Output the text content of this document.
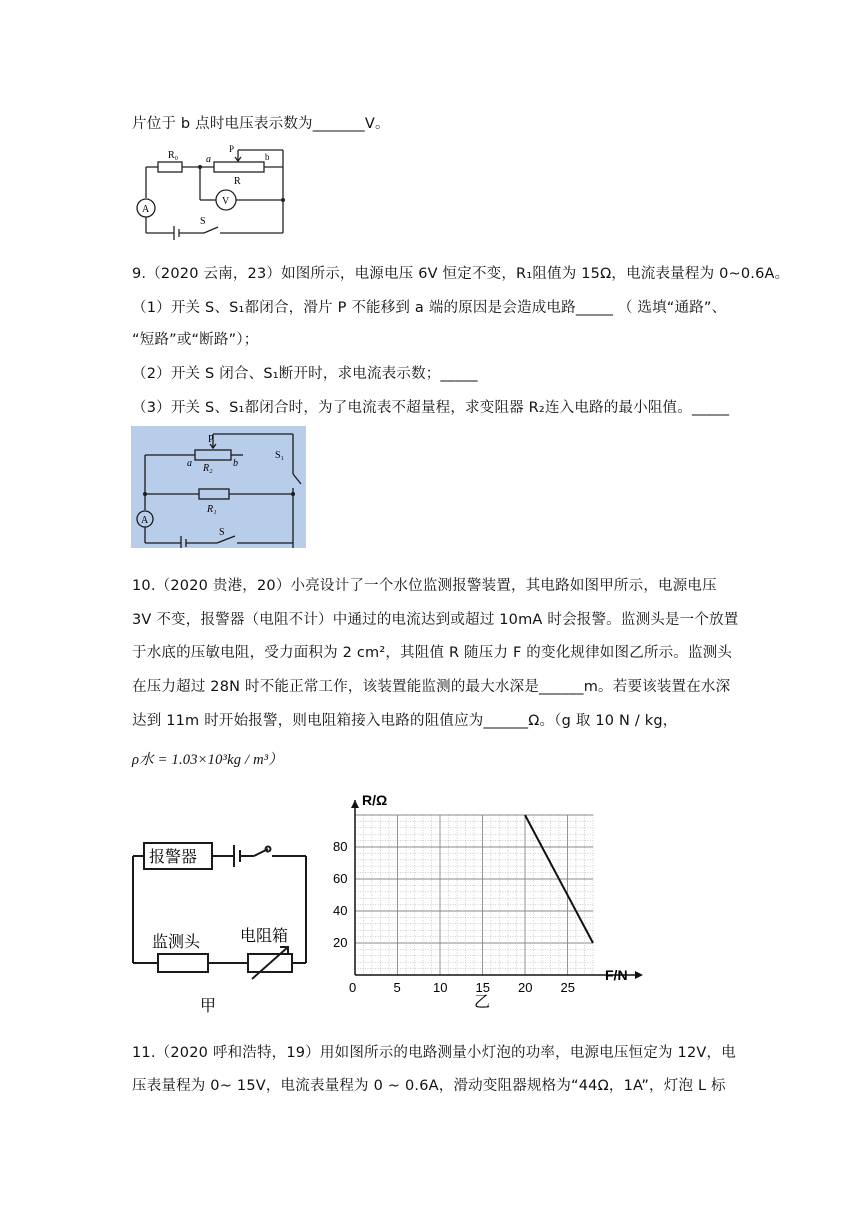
片位于 b 点时电压表示数为_______V。
R₀	a
P
b
R
V
A
S
9.（2020 云南，23）如图所示，电源电压 6V 恒定不变，R₁阻值为 15Ω，电流表量程为 0~0.6A。
（1）开关 S、S₁都闭合，滑片 P 不能移到 a 端的原因是会造成电路_____ （ 选填“通路”、
“短路”或“断路”）；
（2）开关 S 闭合、S₁断开时，求电流表示数；_____
（3）开关 S、S₁都闭合时，为了电流表不超量程，求变阻器 R₂连入电路的最小阻值。_____
P
a R₂ b
S₁
R₁
A
S
10.（2020 贵港，20）小亮设计了一个水位监测报警装置，其电路如图甲所示，电源电压
3V 不变，报警器（电阻不计）中通过的电流达到或超过 10mA 时会报警。监测头是一个放置
于水底的压敏电阻，受力面积为 2 cm²，其阻值 R 随压力 F 的变化规律如图乙所示。监测头
在压力超过 28N 时不能正常工作，该装置能监测的最大水深是______m。若要该装置在水深
达到 11m 时开始报警，则电阻箱接入电路的阻值应为______Ω。（g 取 10 N / kg，
ρ水 = 1.03×10³kg / m³）
报警器
监测头 电阻箱
甲
0	5 10 15 20 25
20
40
60
80
R/Ω
F/N
乙
11.（2020 呼和浩特，19）用如图所示的电路测量小灯泡的功率，电源电压恒定为 12V，电
压表量程为 0~ 15V，电流表量程为 0 ~ 0.6A，滑动变阻器规格为“44Ω，1A”，灯泡 L 标
